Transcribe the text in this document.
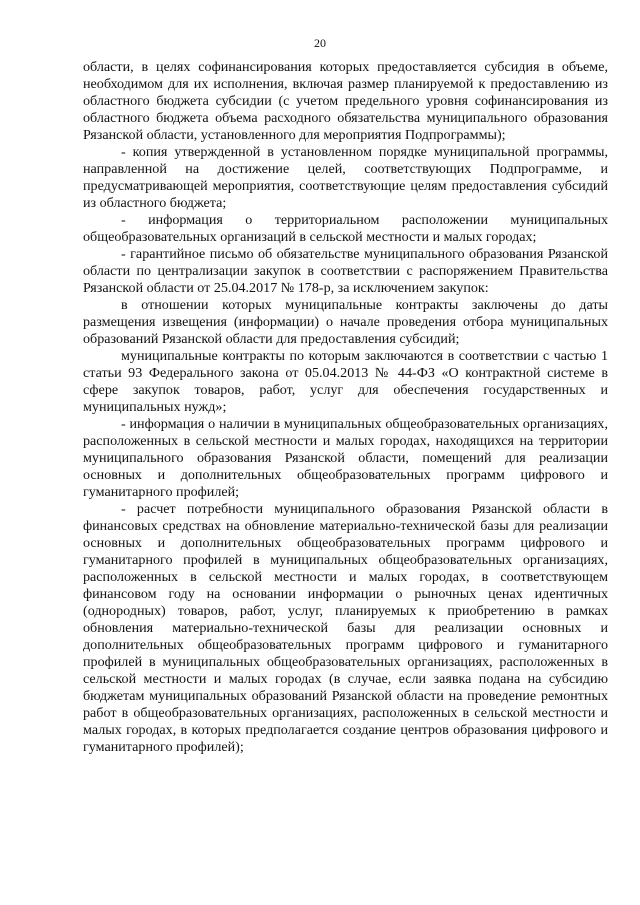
20

области, в целях софинансирования которых предоставляется субсидия в объеме, необходимом для их исполнения, включая размер планируемой к предоставлению из областного бюджета субсидии (с учетом предельного уровня софинансирования из областного бюджета объема расходного обязательства муниципального образования Рязанской области, установленного для мероприятия Подпрограммы);

- копия утвержденной в установленном порядке муниципальной программы, направленной на достижение целей, соответствующих Подпрограмме, и предусматривающей мероприятия, соответствующие целям предоставления субсидий из областного бюджета;

- информация о территориальном расположении муниципальных общеобразовательных организаций в сельской местности и малых городах;

- гарантийное письмо об обязательстве муниципального образования Рязанской области по централизации закупок в соответствии с распоряжением Правительства Рязанской области от 25.04.2017 № 178-р, за исключением закупок:

в отношении которых муниципальные контракты заключены до даты размещения извещения (информации) о начале проведения отбора муниципальных образований Рязанской области для предоставления субсидий;

муниципальные контракты по которым заключаются в соответствии с частью 1 статьи 93 Федерального закона от 05.04.2013 № 44-ФЗ «О контрактной системе в сфере закупок товаров, работ, услуг для обеспечения государственных и муниципальных нужд»;

- информация о наличии в муниципальных общеобразовательных организациях, расположенных в сельской местности и малых городах, находящихся на территории муниципального образования Рязанской области, помещений для реализации основных и дополнительных общеобразовательных программ цифрового и гуманитарного профилей;

- расчет потребности муниципального образования Рязанской области в финансовых средствах на обновление материально-технической базы для реализации основных и дополнительных общеобразовательных программ цифрового и гуманитарного профилей в муниципальных общеобразовательных организациях, расположенных в сельской местности и малых городах, в соответствующем финансовом году на основании информации о рыночных ценах идентичных (однородных) товаров, работ, услуг, планируемых к приобретению в рамках обновления материально-технической базы для реализации основных и дополнительных общеобразовательных программ цифрового и гуманитарного профилей в муниципальных общеобразовательных организациях, расположенных в сельской местности и малых городах (в случае, если заявка подана на субсидию бюджетам муниципальных образований Рязанской области на проведение ремонтных работ в общеобразовательных организациях, расположенных в сельской местности и малых городах, в которых предполагается создание центров образования цифрового и гуманитарного профилей);
